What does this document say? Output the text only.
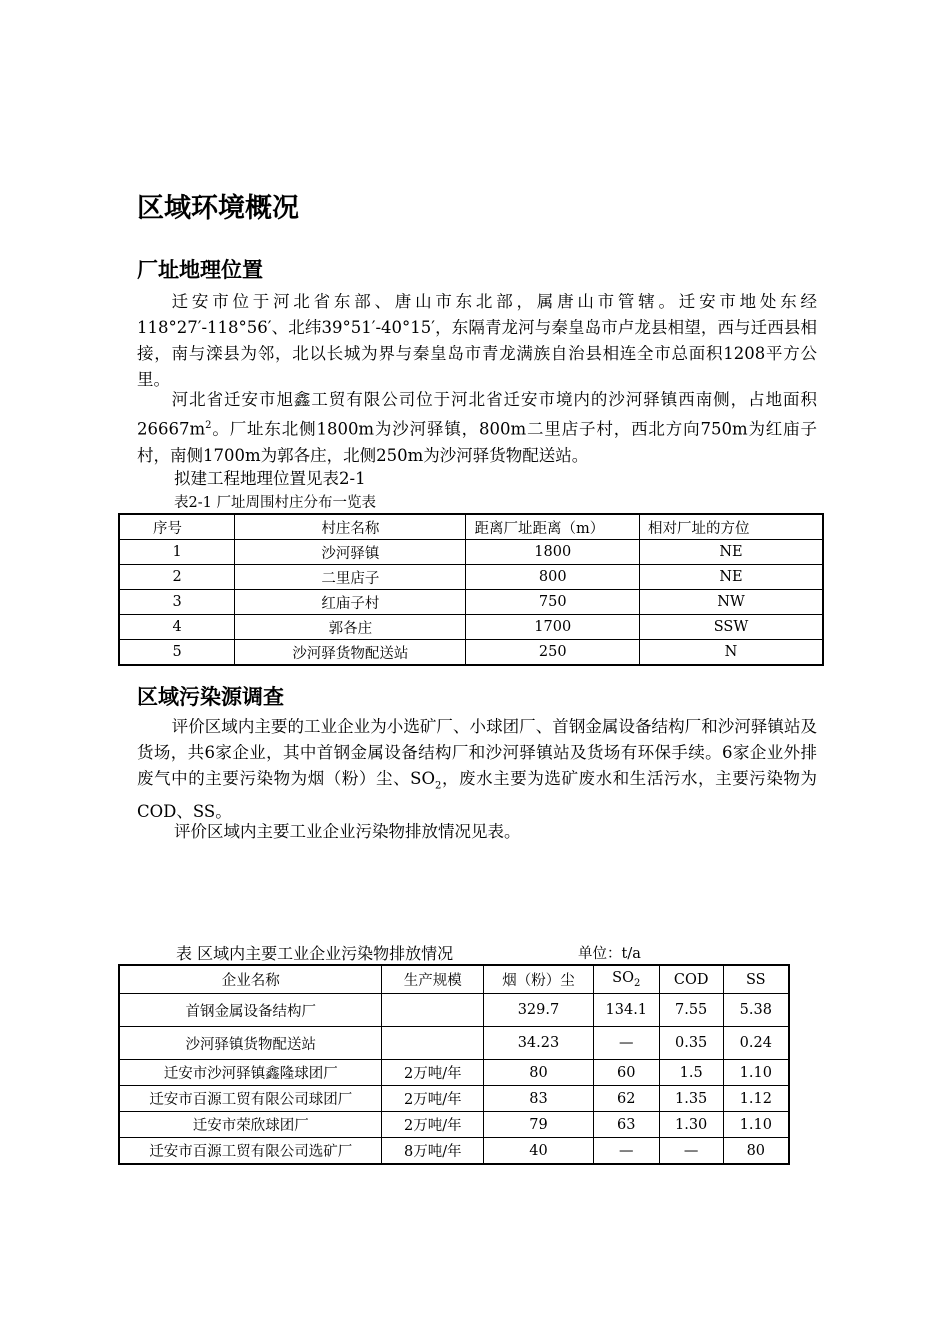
区域环境概况
厂址地理位置

迁安市位于河北省东部、唐山市东北部，属唐山市管辖。迁安市地处东经118°27′-118°56′、北纬39°51′-40°15′，东隔青龙河与秦皇岛市卢龙县相望，西与迁西县相接，南与滦县为邻，北以长城为界与秦皇岛市青龙满族自治县相连全市总面积1208平方公里。

河北省迁安市旭鑫工贸有限公司位于河北省迁安市境内的沙河驿镇西南侧，占地面积$26667m^2$。厂址东北侧1800m为沙河驿镇，800m二里店子村，西北方向750m为红庙子村，南侧1700m为郭各庄，北侧250m为沙河驿货物配送站。

拟建工程地理位置见表2-1

表2-1 厂址周围村庄分布一览表

序号	村庄名称	距离厂址距离（m）	相对厂址的方位
1	沙河驿镇	1800	NE
2	二里店子	800	NE
3	红庙子村	750	NW
4	郭各庄	1700	SSW
5	沙河驿货物配送站	250	N
区域污染源调查

评价区域内主要的工业企业为小选矿厂、小球团厂、首钢金属设备结构厂和沙河驿镇站及货场，共6家企业，其中首钢金属设备结构厂和沙河驿镇站及货场有环保手续。6家企业外排废气中的主要污染物为烟（粉）尘、$SO_2$，废水主要为选矿废水和生活污水，主要污染物为COD、SS。

评价区域内主要工业企业污染物排放情况见表。

表 区域内主要工业企业污染物排放情况	单位：t/a

企业名称	生产规模	烟（粉）尘	$SO_2$	COD	SS
首钢金属设备结构厂		329.7	134.1	7.55	5.38
沙河驿镇货物配送站		34.23	—	0.35	0.24
迁安市沙河驿镇鑫隆球团厂	2万吨/年	80	60	1.5	1.10
迁安市百源工贸有限公司球团厂	2万吨/年	83	62	1.35	1.12
迁安市荣欣球团厂	2万吨/年	79	63	1.30	1.10
迁安市百源工贸有限公司选矿厂	8万吨/年	40	—	—	80
